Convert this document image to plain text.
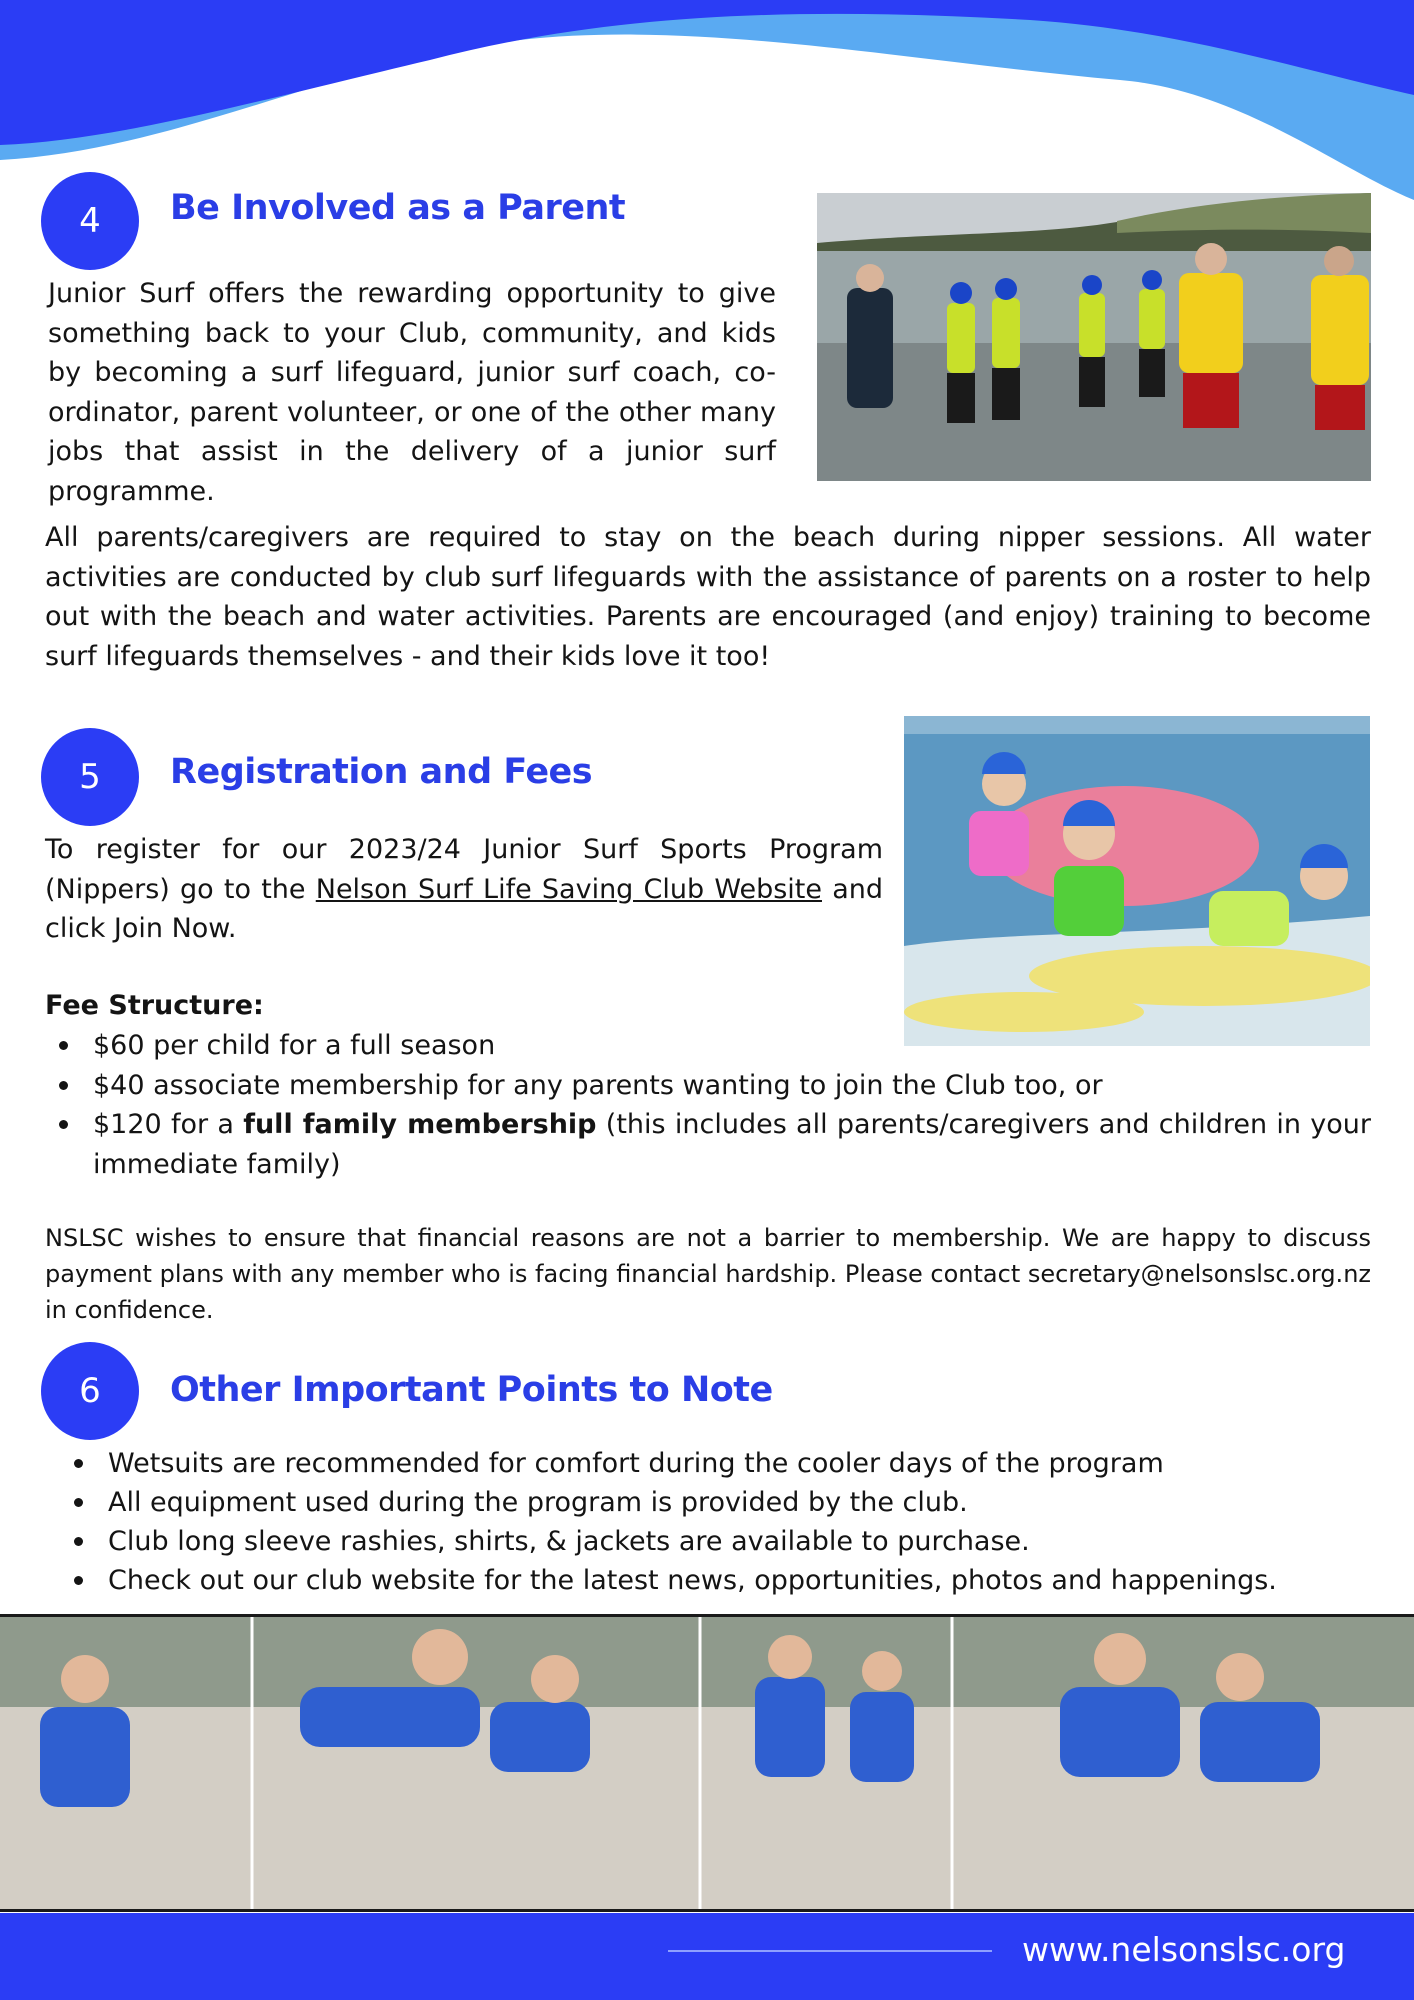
4	Be Involved as a Parent

Junior Surf offers the rewarding opportunity to give something back to your Club, community, and kids by becoming a surf lifeguard, junior surf coach, co-ordinator, parent volunteer, or one of the other many jobs that assist in the delivery of a junior surf programme.

All parents/caregivers are required to stay on the beach during nipper sessions. All water activities are conducted by club surf lifeguards with the assistance of parents on a roster to help out with the beach and water activities. Parents are encouraged (and enjoy) training to become surf lifeguards themselves - and their kids love it too!

5	Registration and Fees

To register for our 2023/24 Junior Surf Sports Program (Nippers) go to the Nelson Surf Life Saving Club Website and click Join Now.

Fee Structure:
$60 per child for a full season
$40 associate membership for any parents wanting to join the Club too, or
$120 for a full family membership (this includes all parents/caregivers and children in your immediate family)

NSLSC wishes to ensure that financial reasons are not a barrier to membership. We are happy to discuss payment plans with any member who is facing financial hardship. Please contact secretary@nelsonslsc.org.nz in confidence.

6	Other Important Points to Note
Wetsuits are recommended for comfort during the cooler days of the program
All equipment used during the program is provided by the club.
Club long sleeve rashies, shirts, & jackets are available to purchase.
Check out our club website for the latest news, opportunities, photos and happenings.
www.nelsonslsc.org
